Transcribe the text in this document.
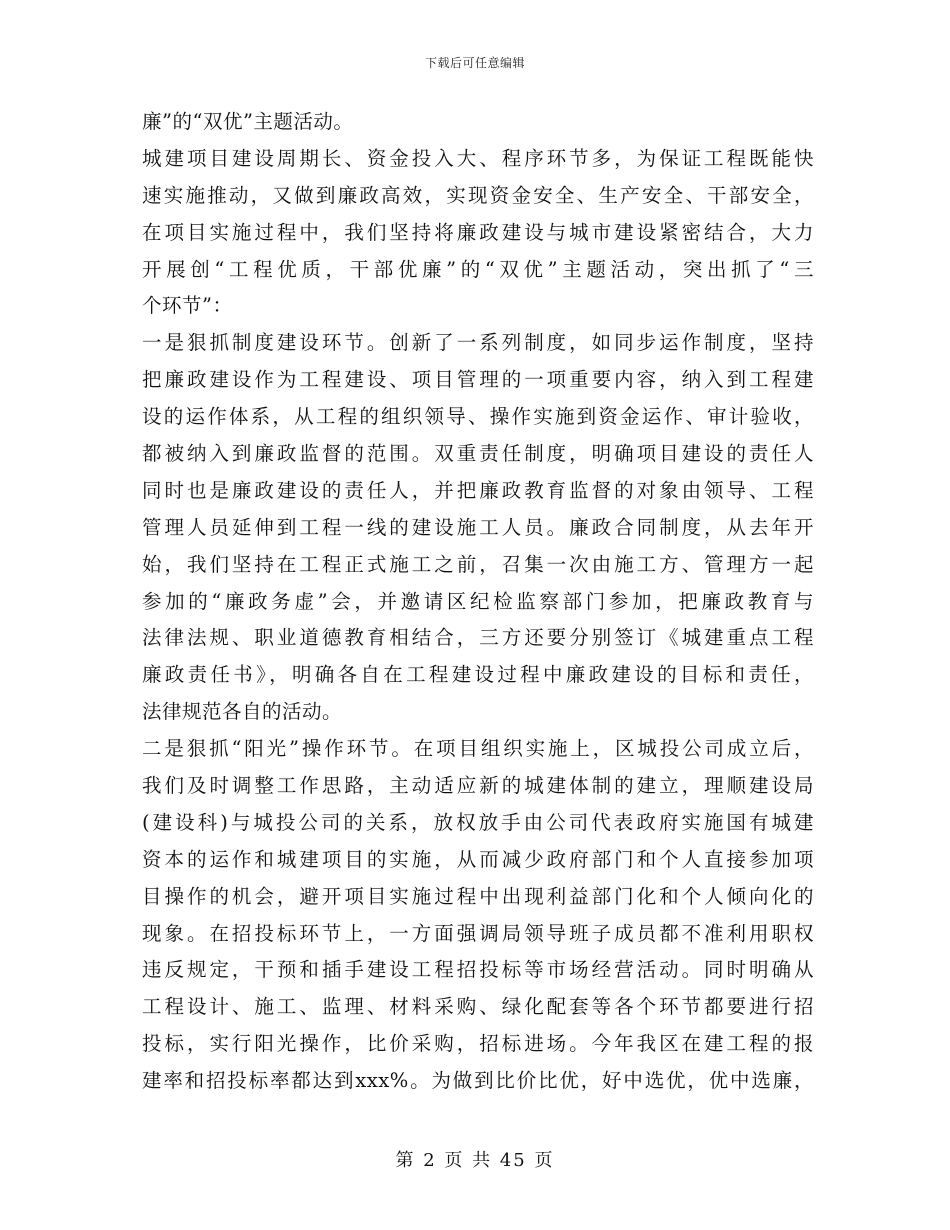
下载后可任意编辑
廉”的“双优”主题活动。
城建项目建设周期长、资金投入大、程序环节多，为保证工程既能快
速实施推动，又做到廉政高效，实现资金安全、生产安全、干部安全，
在项目实施过程中，我们坚持将廉政建设与城市建设紧密结合，大力
开展创“工程优质，干部优廉”的“双优”主题活动，突出抓了“三
个环节”：
一是狠抓制度建设环节。创新了一系列制度，如同步运作制度，坚持
把廉政建设作为工程建设、项目管理的一项重要内容，纳入到工程建
设的运作体系，从工程的组织领导、操作实施到资金运作、审计验收，
都被纳入到廉政监督的范围。双重责任制度，明确项目建设的责任人
同时也是廉政建设的责任人，并把廉政教育监督的对象由领导、工程
管理人员延伸到工程一线的建设施工人员。廉政合同制度，从去年开
始，我们坚持在工程正式施工之前，召集一次由施工方、管理方一起
参加的“廉政务虚”会，并邀请区纪检监察部门参加，把廉政教育与
法律法规、职业道德教育相结合，三方还要分别签订《城建重点工程
廉政责任书》，明确各自在工程建设过程中廉政建设的目标和责任，
法律规范各自的活动。
二是狠抓“阳光”操作环节。在项目组织实施上，区城投公司成立后，
我们及时调整工作思路，主动适应新的城建体制的建立，理顺建设局
(建设科)与城投公司的关系，放权放手由公司代表政府实施国有城建
资本的运作和城建项目的实施，从而减少政府部门和个人直接参加项
目操作的机会，避开项目实施过程中出现利益部门化和个人倾向化的
现象。在招投标环节上，一方面强调局领导班子成员都不准利用职权
违反规定，干预和插手建设工程招投标等市场经营活动。同时明确从
工程设计、施工、监理、材料采购、绿化配套等各个环节都要进行招
投标，实行阳光操作，比价采购，招标进场。今年我区在建工程的报
建率和招投标率都达到xxx%。为做到比价比优，好中选优，优中选廉，
第 2 页 共 45 页
